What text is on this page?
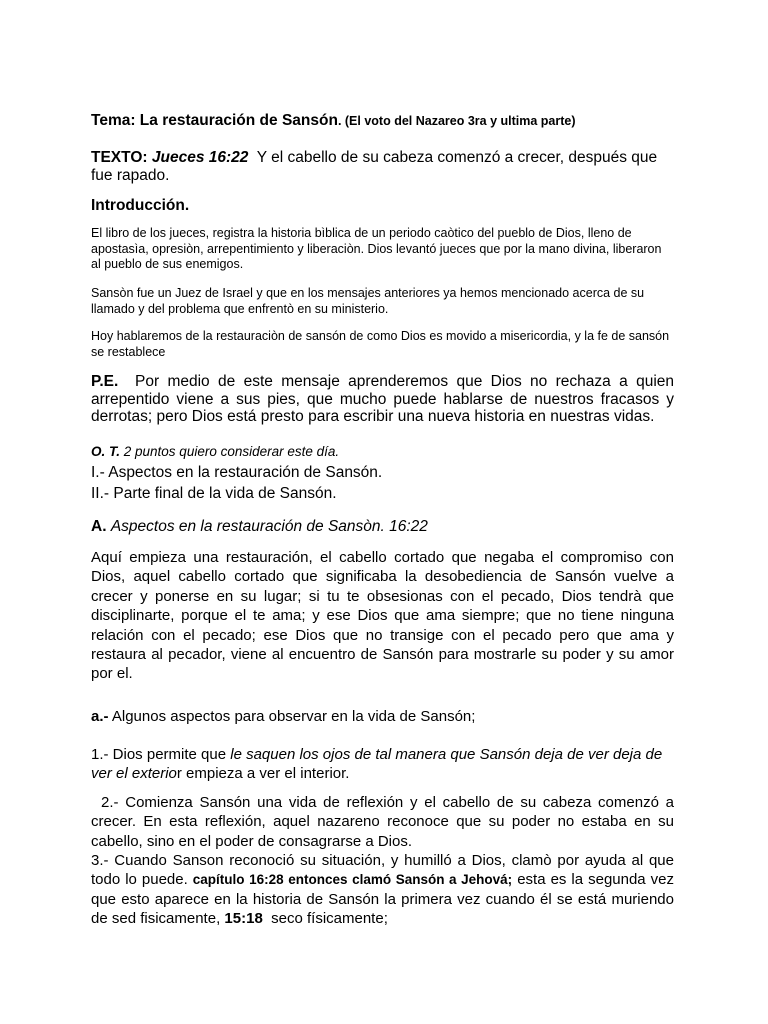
Tema: La restauración de Sansón. (El voto del Nazareo 3ra y ultima parte)

TEXTO: Jueces 16:22 Y el cabello de su cabeza comenzó a crecer, después que fue rapado.

Introducción.

El libro de los jueces, registra la historia bìblica de un periodo caòtico del pueblo de Dios, lleno de apostasìa, opresiòn, arrepentimiento y liberaciòn. Dios levantó jueces que por la mano divina, liberaron al pueblo de sus enemigos.

Sansòn fue un Juez de Israel y que en los mensajes anteriores ya hemos mencionado acerca de su llamado y del problema que enfrentò en su ministerio.

Hoy hablaremos de la restauraciòn de sansón de como Dios es movido a misericordia, y la fe de sansón se restablece

P.E. Por medio de este mensaje aprenderemos que Dios no rechaza a quien arrepentido viene a sus pies, que mucho puede hablarse de nuestros fracasos y derrotas; pero Dios está presto para escribir una nueva historia en nuestras vidas.

O. T. 2 puntos quiero considerar este día.

I.- Aspectos en la restauración de Sansón.

II.- Parte final de la vida de Sansón.

A. Aspectos en la restauración de Sansòn. 16:22

Aquí empieza una restauración, el cabello cortado que negaba el compromiso con Dios, aquel cabello cortado que significaba la desobediencia de Sansón vuelve a crecer y ponerse en su lugar; si tu te obsesionas con el pecado, Dios tendrà que disciplinarte, porque el te ama; y ese Dios que ama siempre; que no tiene ninguna relación con el pecado; ese Dios que no transige con el pecado pero que ama y restaura al pecador, viene al encuentro de Sansón para mostrarle su poder y su amor por el.

a.- Algunos aspectos para observar en la vida de Sansón;

1.- Dios permite que le saquen los ojos de tal manera que Sansón deja de ver deja de ver el exterior empieza a ver el interior.

2.- Comienza Sansón una vida de reflexión y el cabello de su cabeza comenzó a crecer. En esta reflexión, aquel nazareno reconoce que su poder no estaba en su cabello, sino en el poder de consagrarse a Dios.

3.- Cuando Sanson reconoció su situación, y humilló a Dios, clamò por ayuda al que todo lo puede. capítulo 16:28 entonces clamó Sansón a Jehová; esta es la segunda vez que esto aparece en la historia de Sansón la primera vez cuando él se está muriendo de sed fisicamente, 15:18 seco físicamente;
